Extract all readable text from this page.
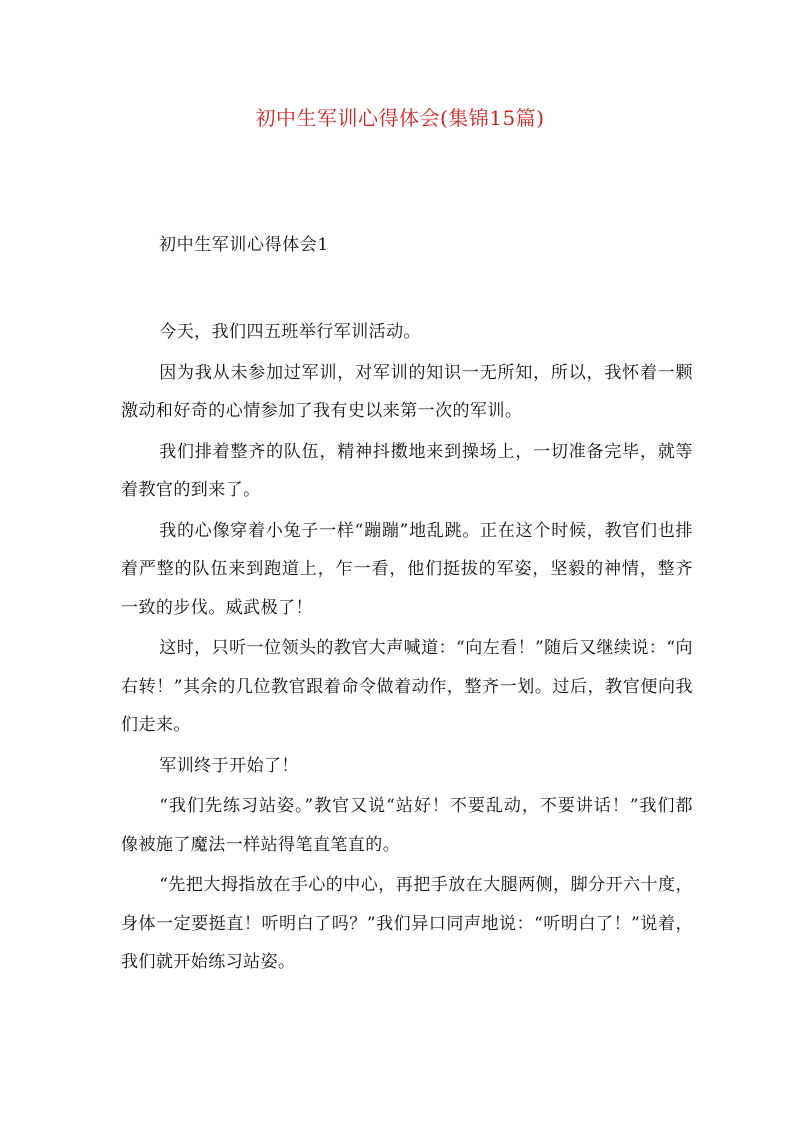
初中生军训心得体会(集锦15篇)
初中生军训心得体会1

今天，我们四五班举行军训活动。

因为我从未参加过军训，对军训的知识一无所知，所以，我怀着一颗激动和好奇的心情参加了我有史以来第一次的军训。

我们排着整齐的队伍，精神抖擞地来到操场上，一切准备完毕，就等着教官的到来了。

我的心像穿着小兔子一样“蹦蹦”地乱跳。正在这个时候，教官们也排着严整的队伍来到跑道上，乍一看，他们挺拔的军姿，坚毅的神情，整齐一致的步伐。威武极了！

这时，只听一位领头的教官大声喊道：“向左看！”随后又继续说：“向右转！”其余的几位教官跟着命令做着动作，整齐一划。过后，教官便向我们走来。

军训终于开始了！

“我们先练习站姿。”教官又说“站好！不要乱动，不要讲话！”我们都像被施了魔法一样站得笔直笔直的。

“先把大拇指放在手心的中心，再把手放在大腿两侧，脚分开六十度，身体一定要挺直！听明白了吗？”我们异口同声地说：“听明白了！”说着，我们就开始练习站姿。
